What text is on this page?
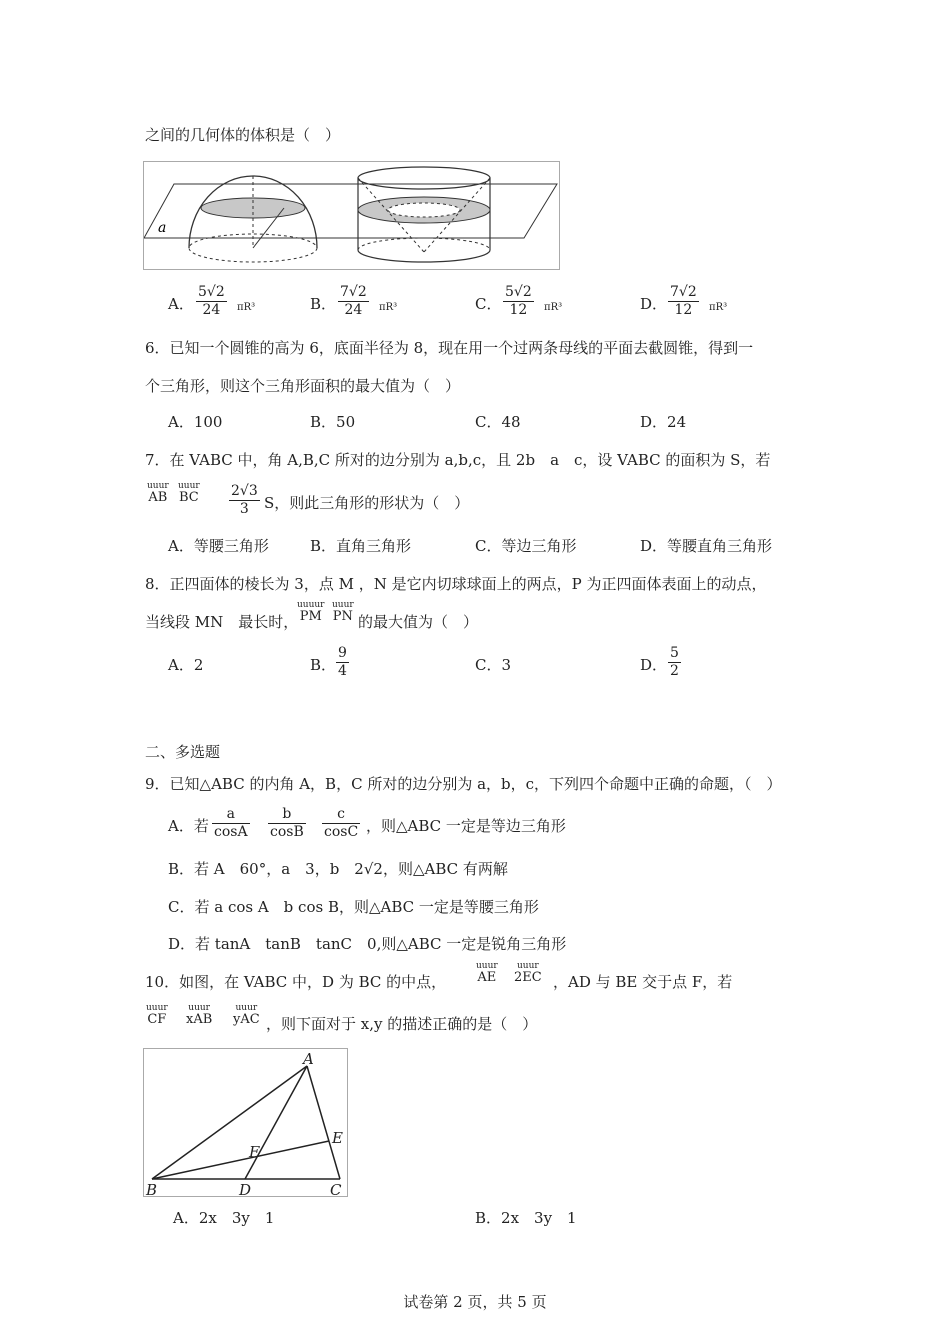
之间的几何体的体积是（　）
a
A． $\frac{5√2}{24} \pi R^3$	B． $\frac{7√2}{24} \pi R^3$	C． $\frac{5√2}{12} \pi R^3$	D． $\frac{7√2}{12} \pi R^3$
6．已知一个圆锥的高为 6，底面半径为 8，现在用一个过两条母线的平面去截圆锥，得到一
个三角形，则这个三角形面积的最大值为（　）
A．100	B．50	C．48	D．24
7．在 VABC 中，角 A,B,C 所对的边分别为 a,b,c，且 2b　a　c，设 VABC 的面积为 S，若
uuur
AB
uuur
BC $\frac{2√3}{3}$ S，则此三角形的形状为（　）
A．等腰三角形	B．直角三角形	C．等边三角形	D．等腰直角三角形
8．正四面体的棱长为 3，点 M ，N 是它内切球球面上的两点，P 为正四面体表面上的动点，
当线段 MN　最长时，
uuuur
PM
uuur
PN 的最大值为（　）
A．2	B． $\frac{9}{4}$	C．3	D． $\frac{5}{2}$
二、多选题
9．已知△ABC 的内角 A，B，C 所对的边分别为 a，b，c，下列四个命题中正确的命题，（　）
A．若 $\frac{a}{\cos A} \frac{b}{\cos B} \frac{c}{\cos C}$ ，则△ABC 一定是等边三角形
B．若 A　60°，a　3，b　2√2，则△ABC 有两解
C．若 a cos A　b cos B，则△ABC 一定是等腰三角形
D．若 tanA　tanB　tanC　0,则△ABC 一定是锐角三角形
10．如图，在 VABC 中，D 为 BC 的中点，
uuur
AE
uuur
2EC ，AD 与 BE 交于点 F，若
uuur
CF
uuur
xAB
uuur
yAC ，则下面对于 x,y 的描述正确的是（　）
A
B	C
D
E
F
A．2x　3y　1	B．2x　3y　1
试卷第 2 页，共 5 页
